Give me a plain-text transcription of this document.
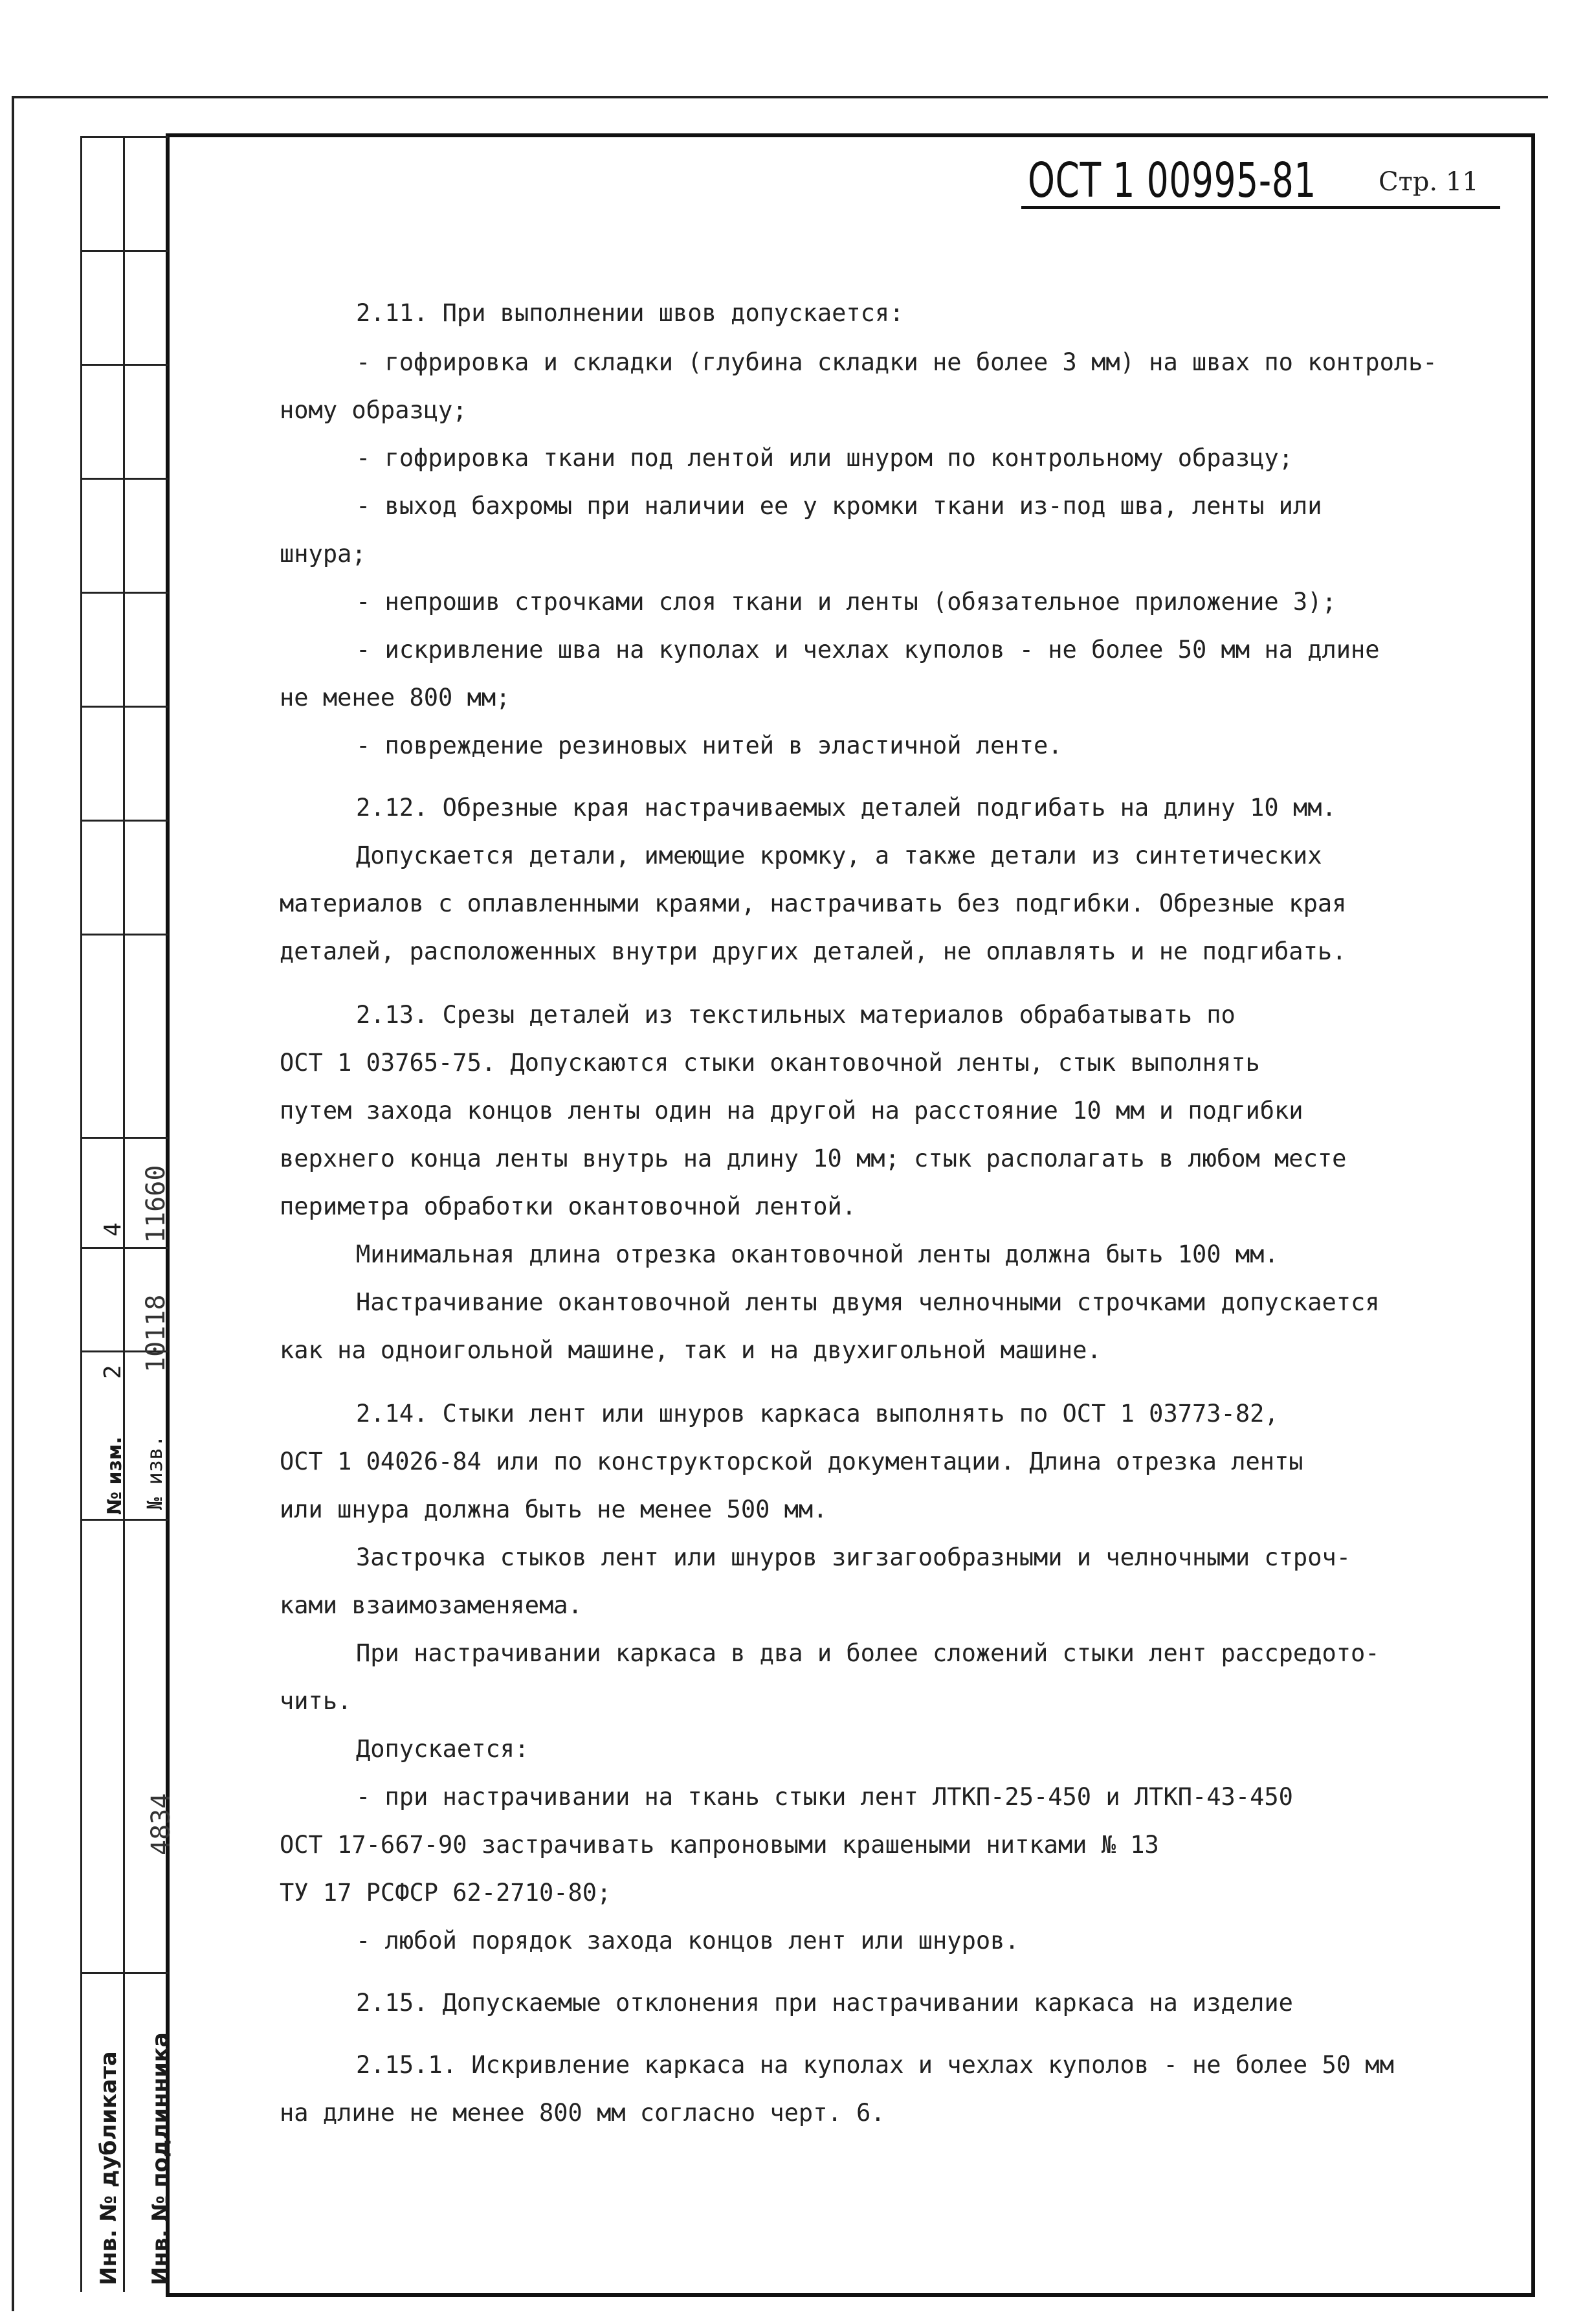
№ изв.
№ изм.
4
2
11660
10118
4834
Инв. № дубликата Инв. № подлинника
ОСТ 1 00995-81 Стр. 11
2.11. При выполнении швов допускается:
- гофрировка и складки (глубина складки не более 3 мм) на швах по контроль-
ному образцу;
- гофрировка ткани под лентой или шнуром по контрольному образцу;
- выход бахромы при наличии ее у кромки ткани из-под шва, ленты или
шнура;
- непрошив строчками слоя ткани и ленты (обязательное приложение 3);
- искривление шва на куполах и чехлах куполов - не более 50 мм на длине
не менее 800 мм;
- повреждение резиновых нитей в эластичной ленте.
2.12. Обрезные края настрачиваемых деталей подгибать на длину 10 мм.
Допускается детали, имеющие кромку, а также детали из синтетических
материалов с оплавленными краями, настрачивать без подгибки. Обрезные края
деталей, расположенных внутри других деталей, не оплавлять и не подгибать.
2.13. Срезы деталей из текстильных материалов обрабатывать по
ОСТ 1 03765-75. Допускаются стыки окантовочной ленты, стык выполнять
путем захода концов ленты один на другой на расстояние 10 мм и подгибки
верхнего конца ленты внутрь на длину 10 мм; стык располагать в любом месте
периметра обработки окантовочной лентой.
Минимальная длина отрезка окантовочной ленты должна быть 100 мм.
Настрачивание окантовочной ленты двумя челночными строчками допускается
как на одноигольной машине, так и на двухигольной машине.
2.14. Стыки лент или шнуров каркаса выполнять по ОСТ 1 03773-82,
ОСТ 1 04026-84 или по конструкторской документации. Длина отрезка ленты
или шнура должна быть не менее 500 мм.
Застрочка стыков лент или шнуров зигзагообразными и челночными строч-
ками взаимозаменяема.
При настрачивании каркаса в два и более сложений стыки лент рассредото-
чить.
Допускается:
- при настрачивании на ткань стыки лент ЛТКП-25-450 и ЛТКП-43-450
ОСТ 17-667-90 застрачивать капроновыми крашеными нитками № 13
ТУ 17 РСФСР 62-2710-80;
- любой порядок захода концов лент или шнуров.
2.15. Допускаемые отклонения при настрачивании каркаса на изделие
2.15.1. Искривление каркаса на куполах и чехлах куполов - не более 50 мм
на длине не менее 800 мм согласно черт. 6.
